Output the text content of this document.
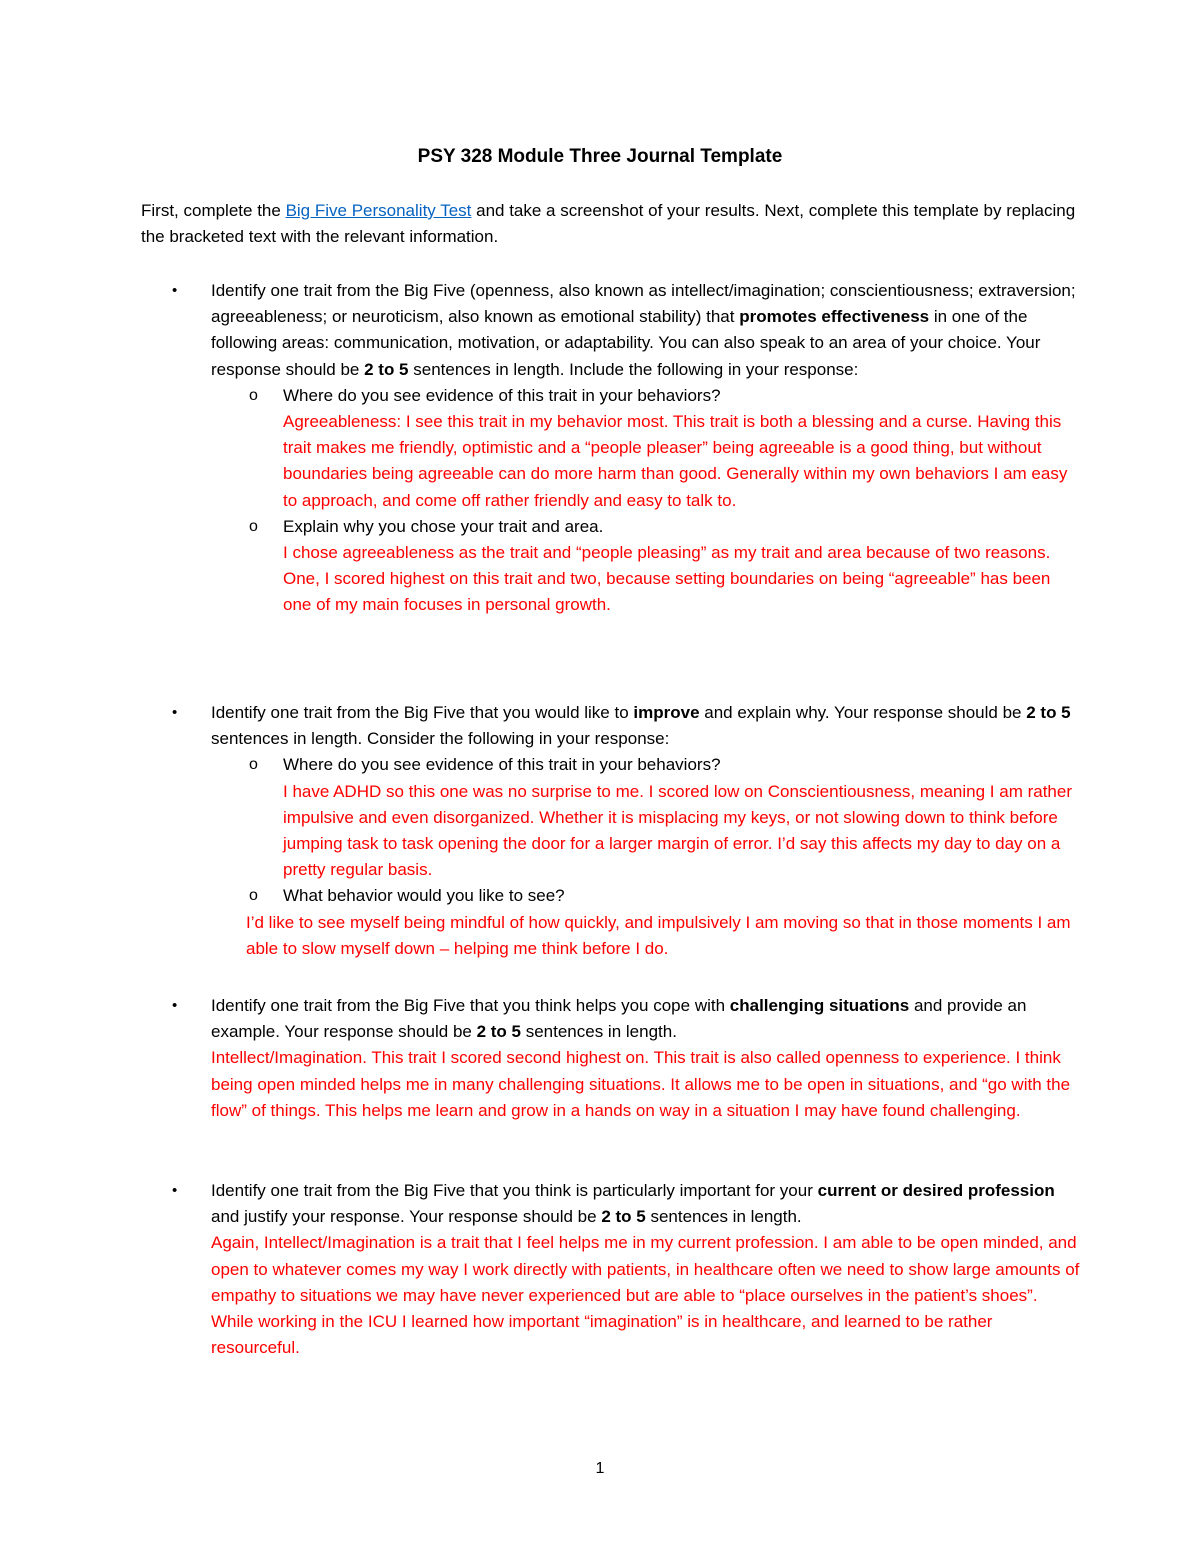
PSY 328 Module Three Journal Template
First, complete the Big Five Personality Test and take a screenshot of your results. Next, complete this template by replacing the bracketed text with the relevant information.
• Identify one trait from the Big Five (openness, also known as intellect/imagination; conscientiousness; extraversion; agreeableness; or neuroticism, also known as emotional stability) that promotes effectiveness in one of the following areas: communication, motivation, or adaptability. You can also speak to an area of your choice. Your response should be 2 to 5 sentences in length. Include the following in your response:
o Where do you see evidence of this trait in your behaviors?
Agreeableness: I see this trait in my behavior most. This trait is both a blessing and a curse. Having this trait makes me friendly, optimistic and a “people pleaser” being agreeable is a good thing, but without boundaries being agreeable can do more harm than good. Generally within my own behaviors I am easy to approach, and come off rather friendly and easy to talk to.
o Explain why you chose your trait and area.
I chose agreeableness as the trait and “people pleasing” as my trait and area because of two reasons. One, I scored highest on this trait and two, because setting boundaries on being “agreeable” has been one of my main focuses in personal growth.
• Identify one trait from the Big Five that you would like to improve and explain why. Your response should be 2 to 5 sentences in length. Consider the following in your response:
o Where do you see evidence of this trait in your behaviors?
I have ADHD so this one was no surprise to me. I scored low on Conscientiousness, meaning I am rather impulsive and even disorganized. Whether it is misplacing my keys, or not slowing down to think before jumping task to task opening the door for a larger margin of error. I’d say this affects my day to day on a pretty regular basis.
o What behavior would you like to see?
I’d like to see myself being mindful of how quickly, and impulsively I am moving so that in those moments I am able to slow myself down – helping me think before I do.
• Identify one trait from the Big Five that you think helps you cope with challenging situations and provide an example. Your response should be 2 to 5 sentences in length.
Intellect/Imagination. This trait I scored second highest on. This trait is also called openness to experience. I think being open minded helps me in many challenging situations. It allows me to be open in situations, and “go with the flow” of things. This helps me learn and grow in a hands on way in a situation I may have found challenging.
• Identify one trait from the Big Five that you think is particularly important for your current or desired profession and justify your response. Your response should be 2 to 5 sentences in length.
Again, Intellect/Imagination is a trait that I feel helps me in my current profession. I am able to be open minded, and open to whatever comes my way I work directly with patients, in healthcare often we need to show large amounts of empathy to situations we may have never experienced but are able to “place ourselves in the patient’s shoes”. While working in the ICU I learned how important “imagination” is in healthcare, and learned to be rather resourceful.
1
